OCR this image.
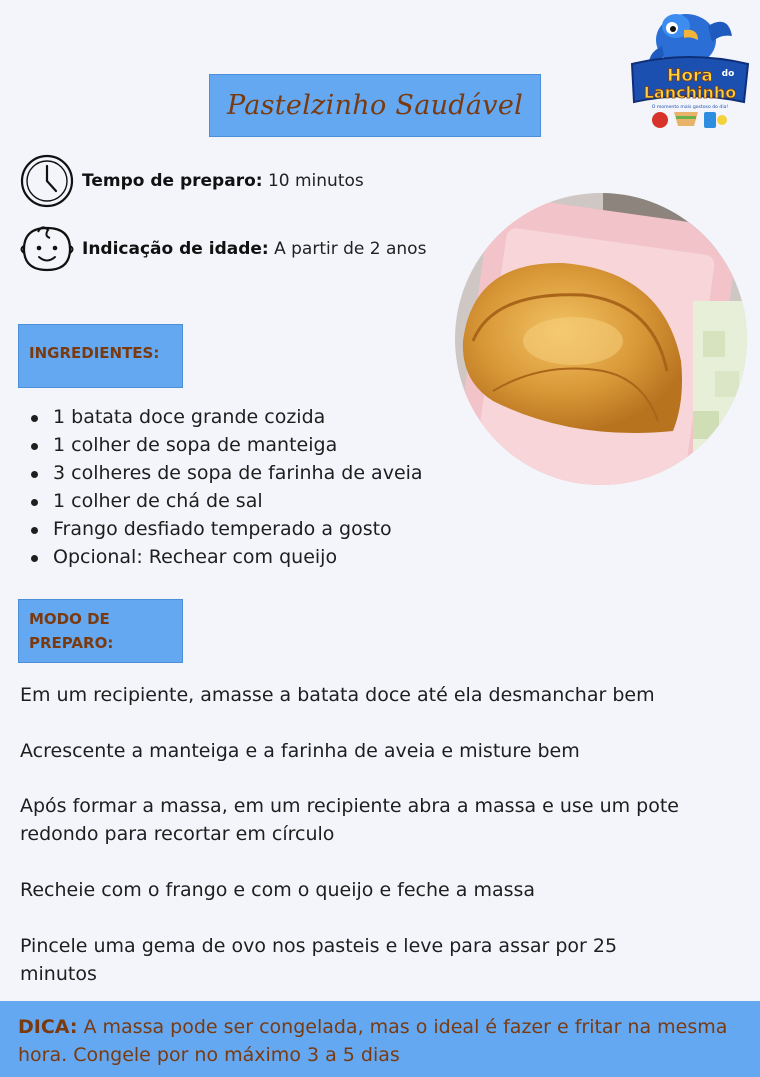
Hora do
Lanchinho
O momento mais gostoso do dia!
Pastelzinho Saudável
Tempo de preparo: 10 minutos
Indicação de idade: A partir de 2 anos
INGREDIENTES:
1 batata doce grande cozida
1 colher de sopa de manteiga
3 colheres de sopa de farinha de aveia
1 colher de chá de sal
Frango desfiado temperado a gosto
Opcional: Rechear com queijo
MODO DE
PREPARO:

Em um recipiente, amasse a batata doce até ela desmanchar bem

Acrescente a manteiga e a farinha de aveia e misture bem

Após formar a massa, em um recipiente abra a massa e use um pote redondo para recortar em círculo

Recheie com o frango e com o queijo e feche a massa

Pincele uma gema de ovo nos pasteis e leve para assar por 25 minutos

DICA: A massa pode ser congelada, mas o ideal é fazer e fritar na mesma hora. Congele por no máximo 3 a 5 dias
